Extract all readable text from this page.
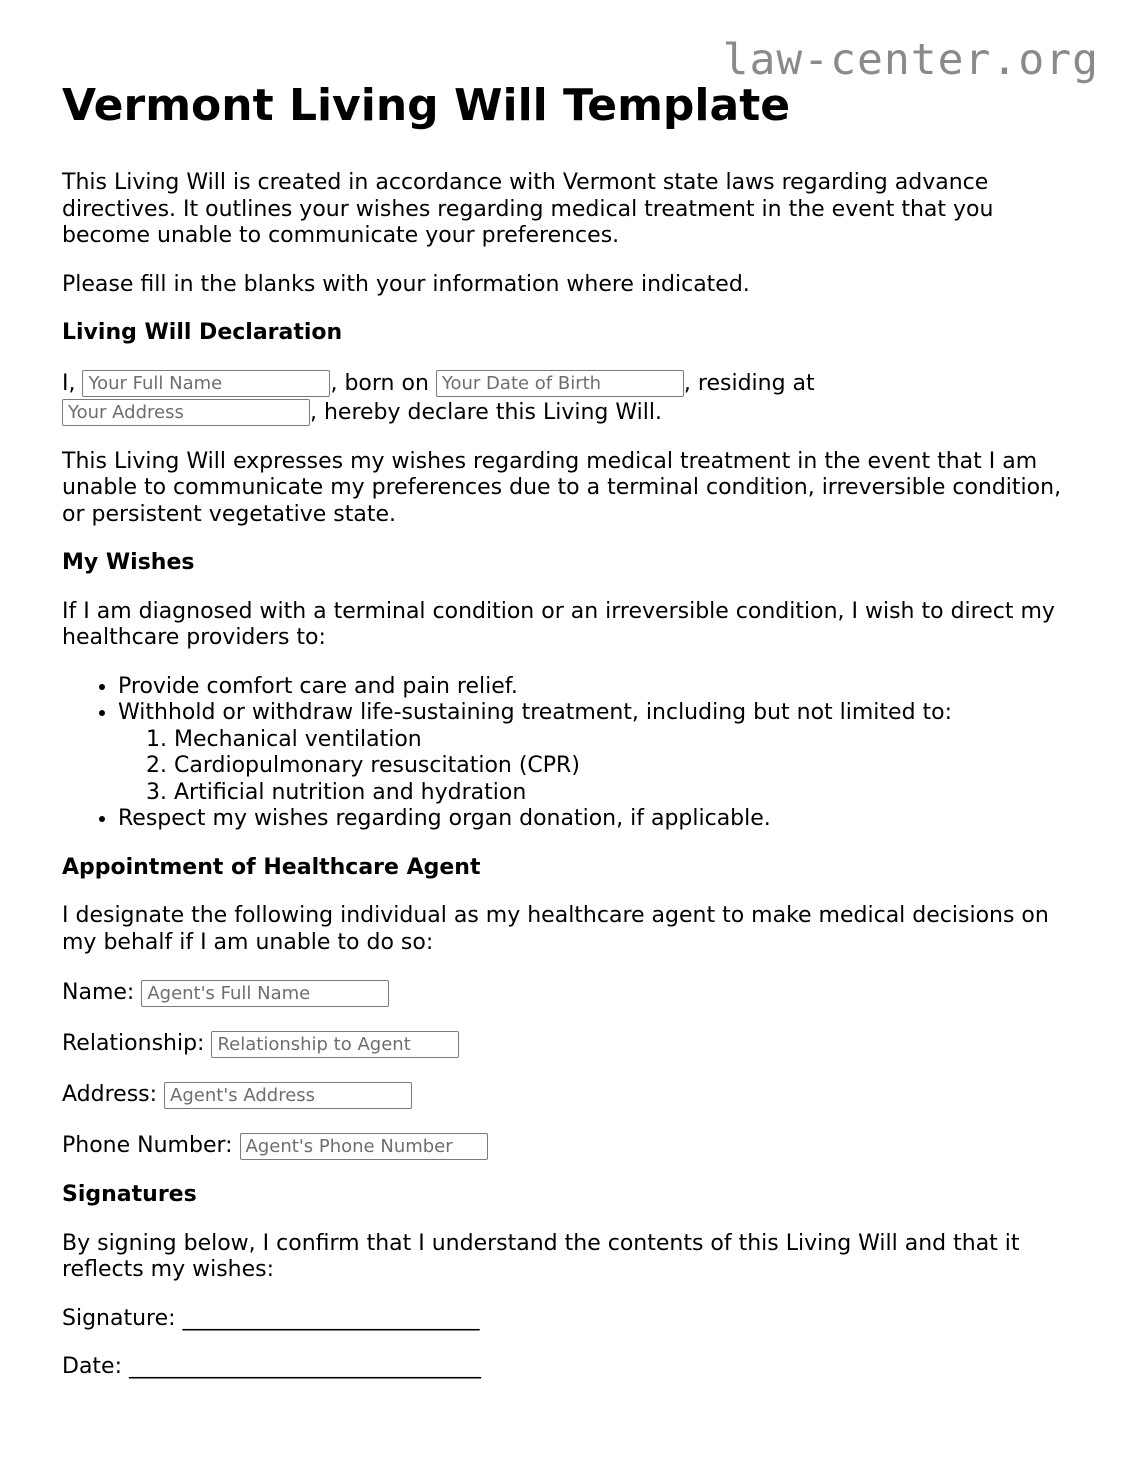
law-center.org
Vermont Living Will Template

This Living Will is created in accordance with Vermont state laws regarding advance directives. It outlines your wishes regarding medical treatment in the event that you become unable to communicate your preferences.

Please fill in the blanks with your information where indicated.

Living Will Declaration

I, Your Full Name	, born on Your Date of Birth	, residing at
Your Address	, hereby declare this Living Will.

This Living Will expresses my wishes regarding medical treatment in the event that I am unable to communicate my preferences due to a terminal condition, irreversible condition, or persistent vegetative state.

My Wishes

If I am diagnosed with a terminal condition or an irreversible condition, I wish to direct my healthcare providers to:

• Provide comfort care and pain relief.
• Withhold or withdraw life-sustaining treatment, including but not limited to:
1. Mechanical ventilation
2. Cardiopulmonary resuscitation (CPR)
3. Artificial nutrition and hydration
• Respect my wishes regarding organ donation, if applicable.
Appointment of Healthcare Agent

I designate the following individual as my healthcare agent to make medical decisions on my behalf if I am unable to do so:

Name: Agent's Full Name
Relationship: Relationship to Agent
Address: Agent's Address
Phone Number: Agent's Phone Number
Signatures

By signing below, I confirm that I understand the contents of this Living Will and that it reflects my wishes:

Signature: ___________________________
Date: ________________________________
